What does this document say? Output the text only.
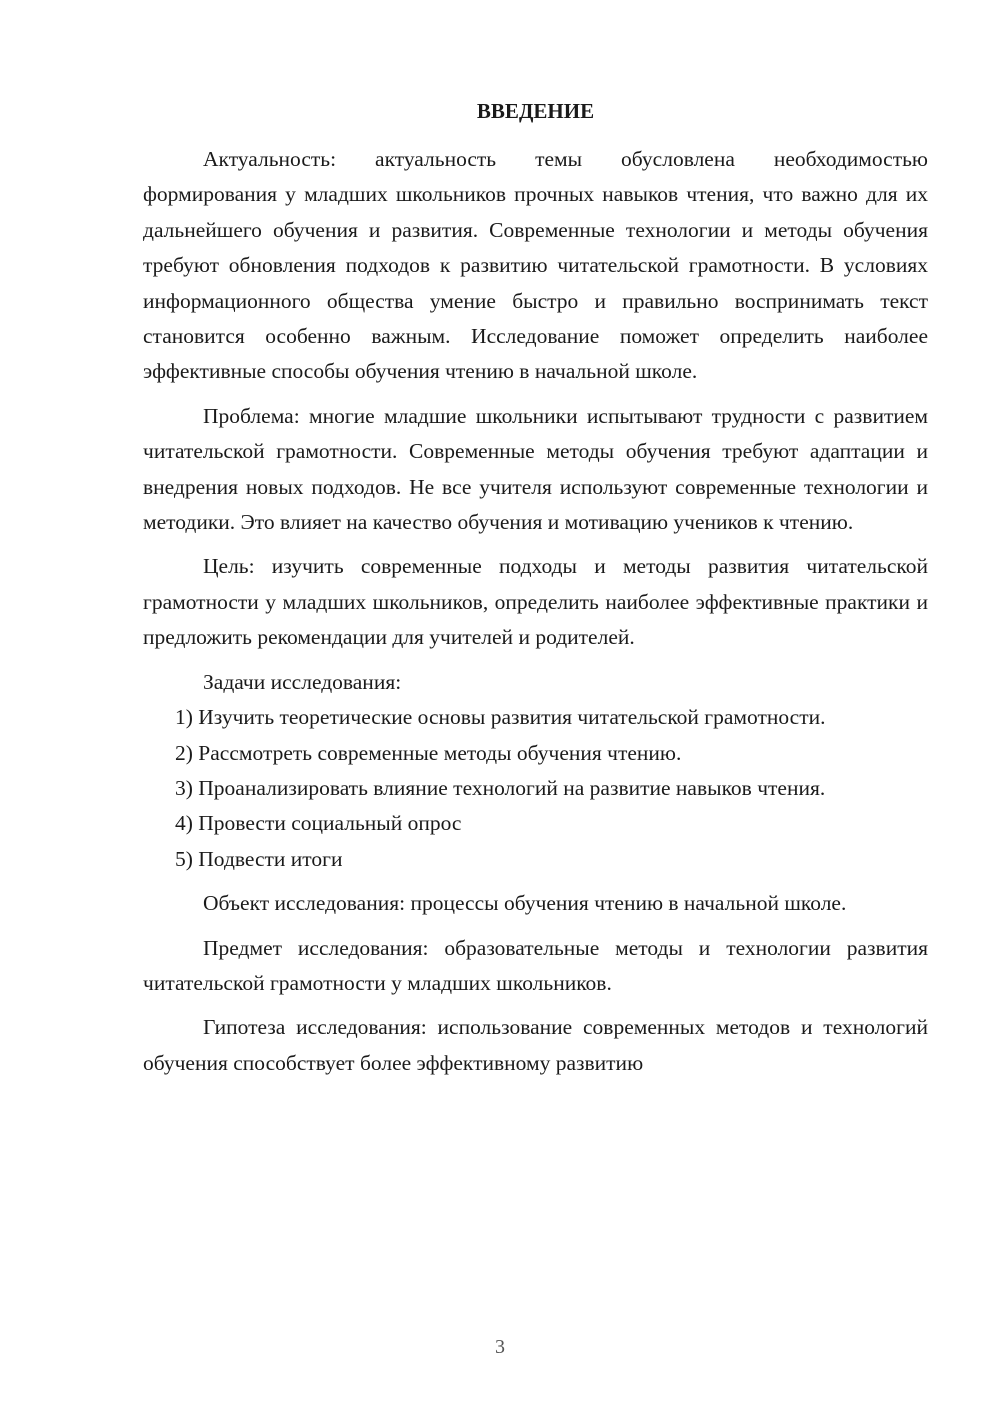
ВВЕДЕНИЕ

Актуальность: актуальность темы обусловлена необходимостью формирования у младших школьников прочных навыков чтения, что важно для их дальнейшего обучения и развития. Современные технологии и методы обучения требуют обновления подходов к развитию читательской грамотности. В условиях информационного общества умение быстро и правильно воспринимать текст становится особенно важным. Исследование поможет определить наиболее эффективные способы обучения чтению в начальной школе.

Проблема: многие младшие школьники испытывают трудности с развитием читательской грамотности. Современные методы обучения требуют адаптации и внедрения новых подходов. Не все учителя используют современные технологии и методики. Это влияет на качество обучения и мотивацию учеников к чтению.

Цель: изучить современные подходы и методы развития читательской грамотности у младших школьников, определить наиболее эффективные практики и предложить рекомендации для учителей и родителей.

Задачи исследования:

1) Изучить теоретические основы развития читательской грамотности.

2) Рассмотреть современные методы обучения чтению.

3) Проанализировать влияние технологий на развитие навыков чтения.

4) Провести социальный опрос

5) Подвести итоги

Объект исследования: процессы обучения чтению в начальной школе.

Предмет исследования: образовательные методы и технологии развития читательской грамотности у младших школьников.

Гипотеза исследования: использование современных методов и технологий обучения способствует более эффективному развитию

3
